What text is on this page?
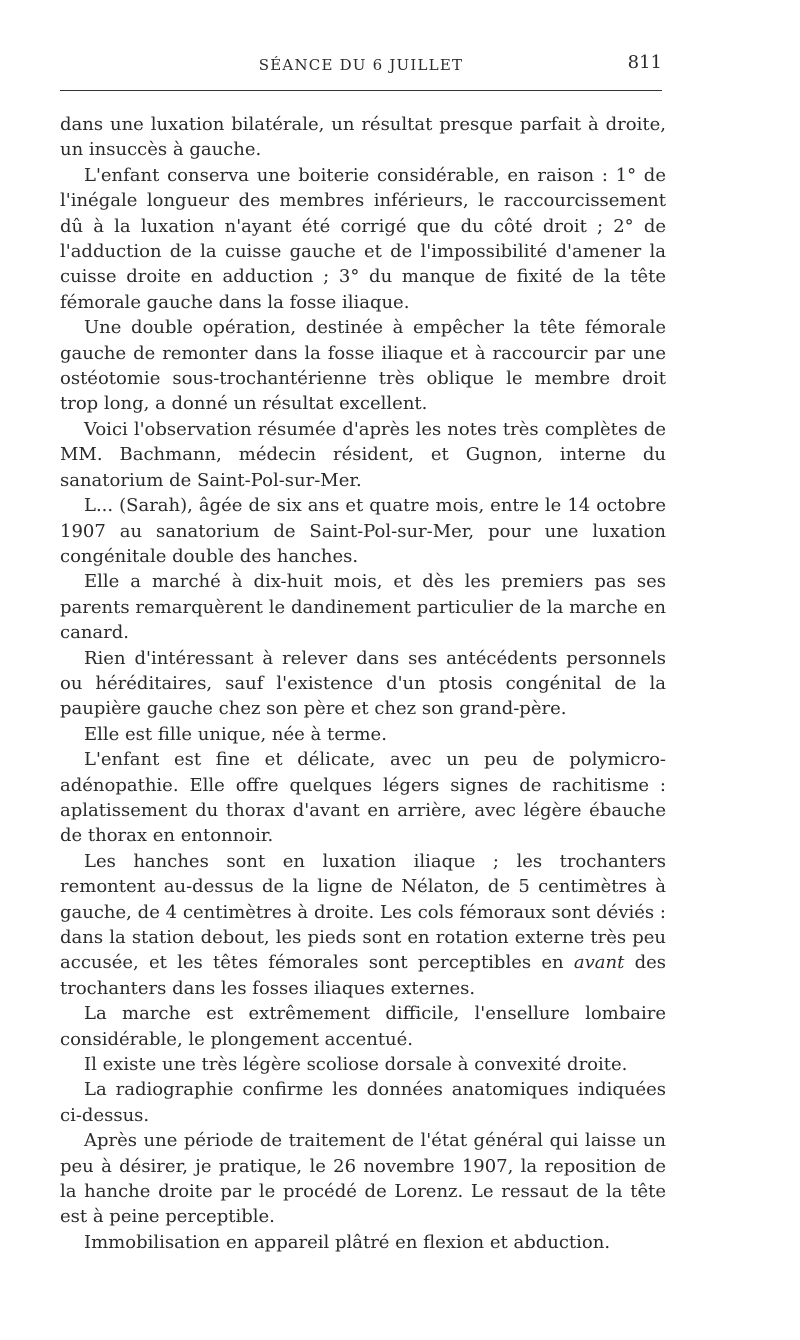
SÉANCE DU 6 JUILLET	811

dans une luxation bilatérale, un résultat presque parfait à droite, un insuccès à gauche.

L'enfant conserva une boiterie considérable, en raison : 1° de l'inégale longueur des membres inférieurs, le raccourcissement dû à la luxation n'ayant été corrigé que du côté droit ; 2° de l'adduction de la cuisse gauche et de l'impossibilité d'amener la cuisse droite en adduction ; 3° du manque de fixité de la tête fémorale gauche dans la fosse iliaque.

Une double opération, destinée à empêcher la tête fémorale gauche de remonter dans la fosse iliaque et à raccourcir par une ostéotomie sous-trochantérienne très oblique le membre droit trop long, a donné un résultat excellent.

Voici l'observation résumée d'après les notes très complètes de MM. Bachmann, médecin résident, et Gugnon, interne du sanatorium de Saint-Pol-sur-Mer.

L... (Sarah), âgée de six ans et quatre mois, entre le 14 octobre 1907 au sanatorium de Saint-Pol-sur-Mer, pour une luxation congénitale double des hanches.

Elle a marché à dix-huit mois, et dès les premiers pas ses parents remarquèrent le dandinement particulier de la marche en canard.

Rien d'intéressant à relever dans ses antécédents personnels ou héréditaires, sauf l'existence d'un ptosis congénital de la paupière gauche chez son père et chez son grand-père.

Elle est fille unique, née à terme.

L'enfant est fine et délicate, avec un peu de polymicro-adénopathie. Elle offre quelques légers signes de rachitisme : aplatissement du thorax d'avant en arrière, avec légère ébauche de thorax en entonnoir.

Les hanches sont en luxation iliaque ; les trochanters remontent au-dessus de la ligne de Nélaton, de 5 centimètres à gauche, de 4 centimètres à droite. Les cols fémoraux sont déviés : dans la station debout, les pieds sont en rotation externe très peu accusée, et les têtes fémorales sont perceptibles en avant des trochanters dans les fosses iliaques externes.

La marche est extrêmement difficile, l'ensellure lombaire considérable, le plongement accentué.

Il existe une très légère scoliose dorsale à convexité droite.

La radiographie confirme les données anatomiques indiquées ci-dessus.

Après une période de traitement de l'état général qui laisse un peu à désirer, je pratique, le 26 novembre 1907, la reposition de la hanche droite par le procédé de Lorenz. Le ressaut de la tête est à peine perceptible.

Immobilisation en appareil plâtré en flexion et abduction.
